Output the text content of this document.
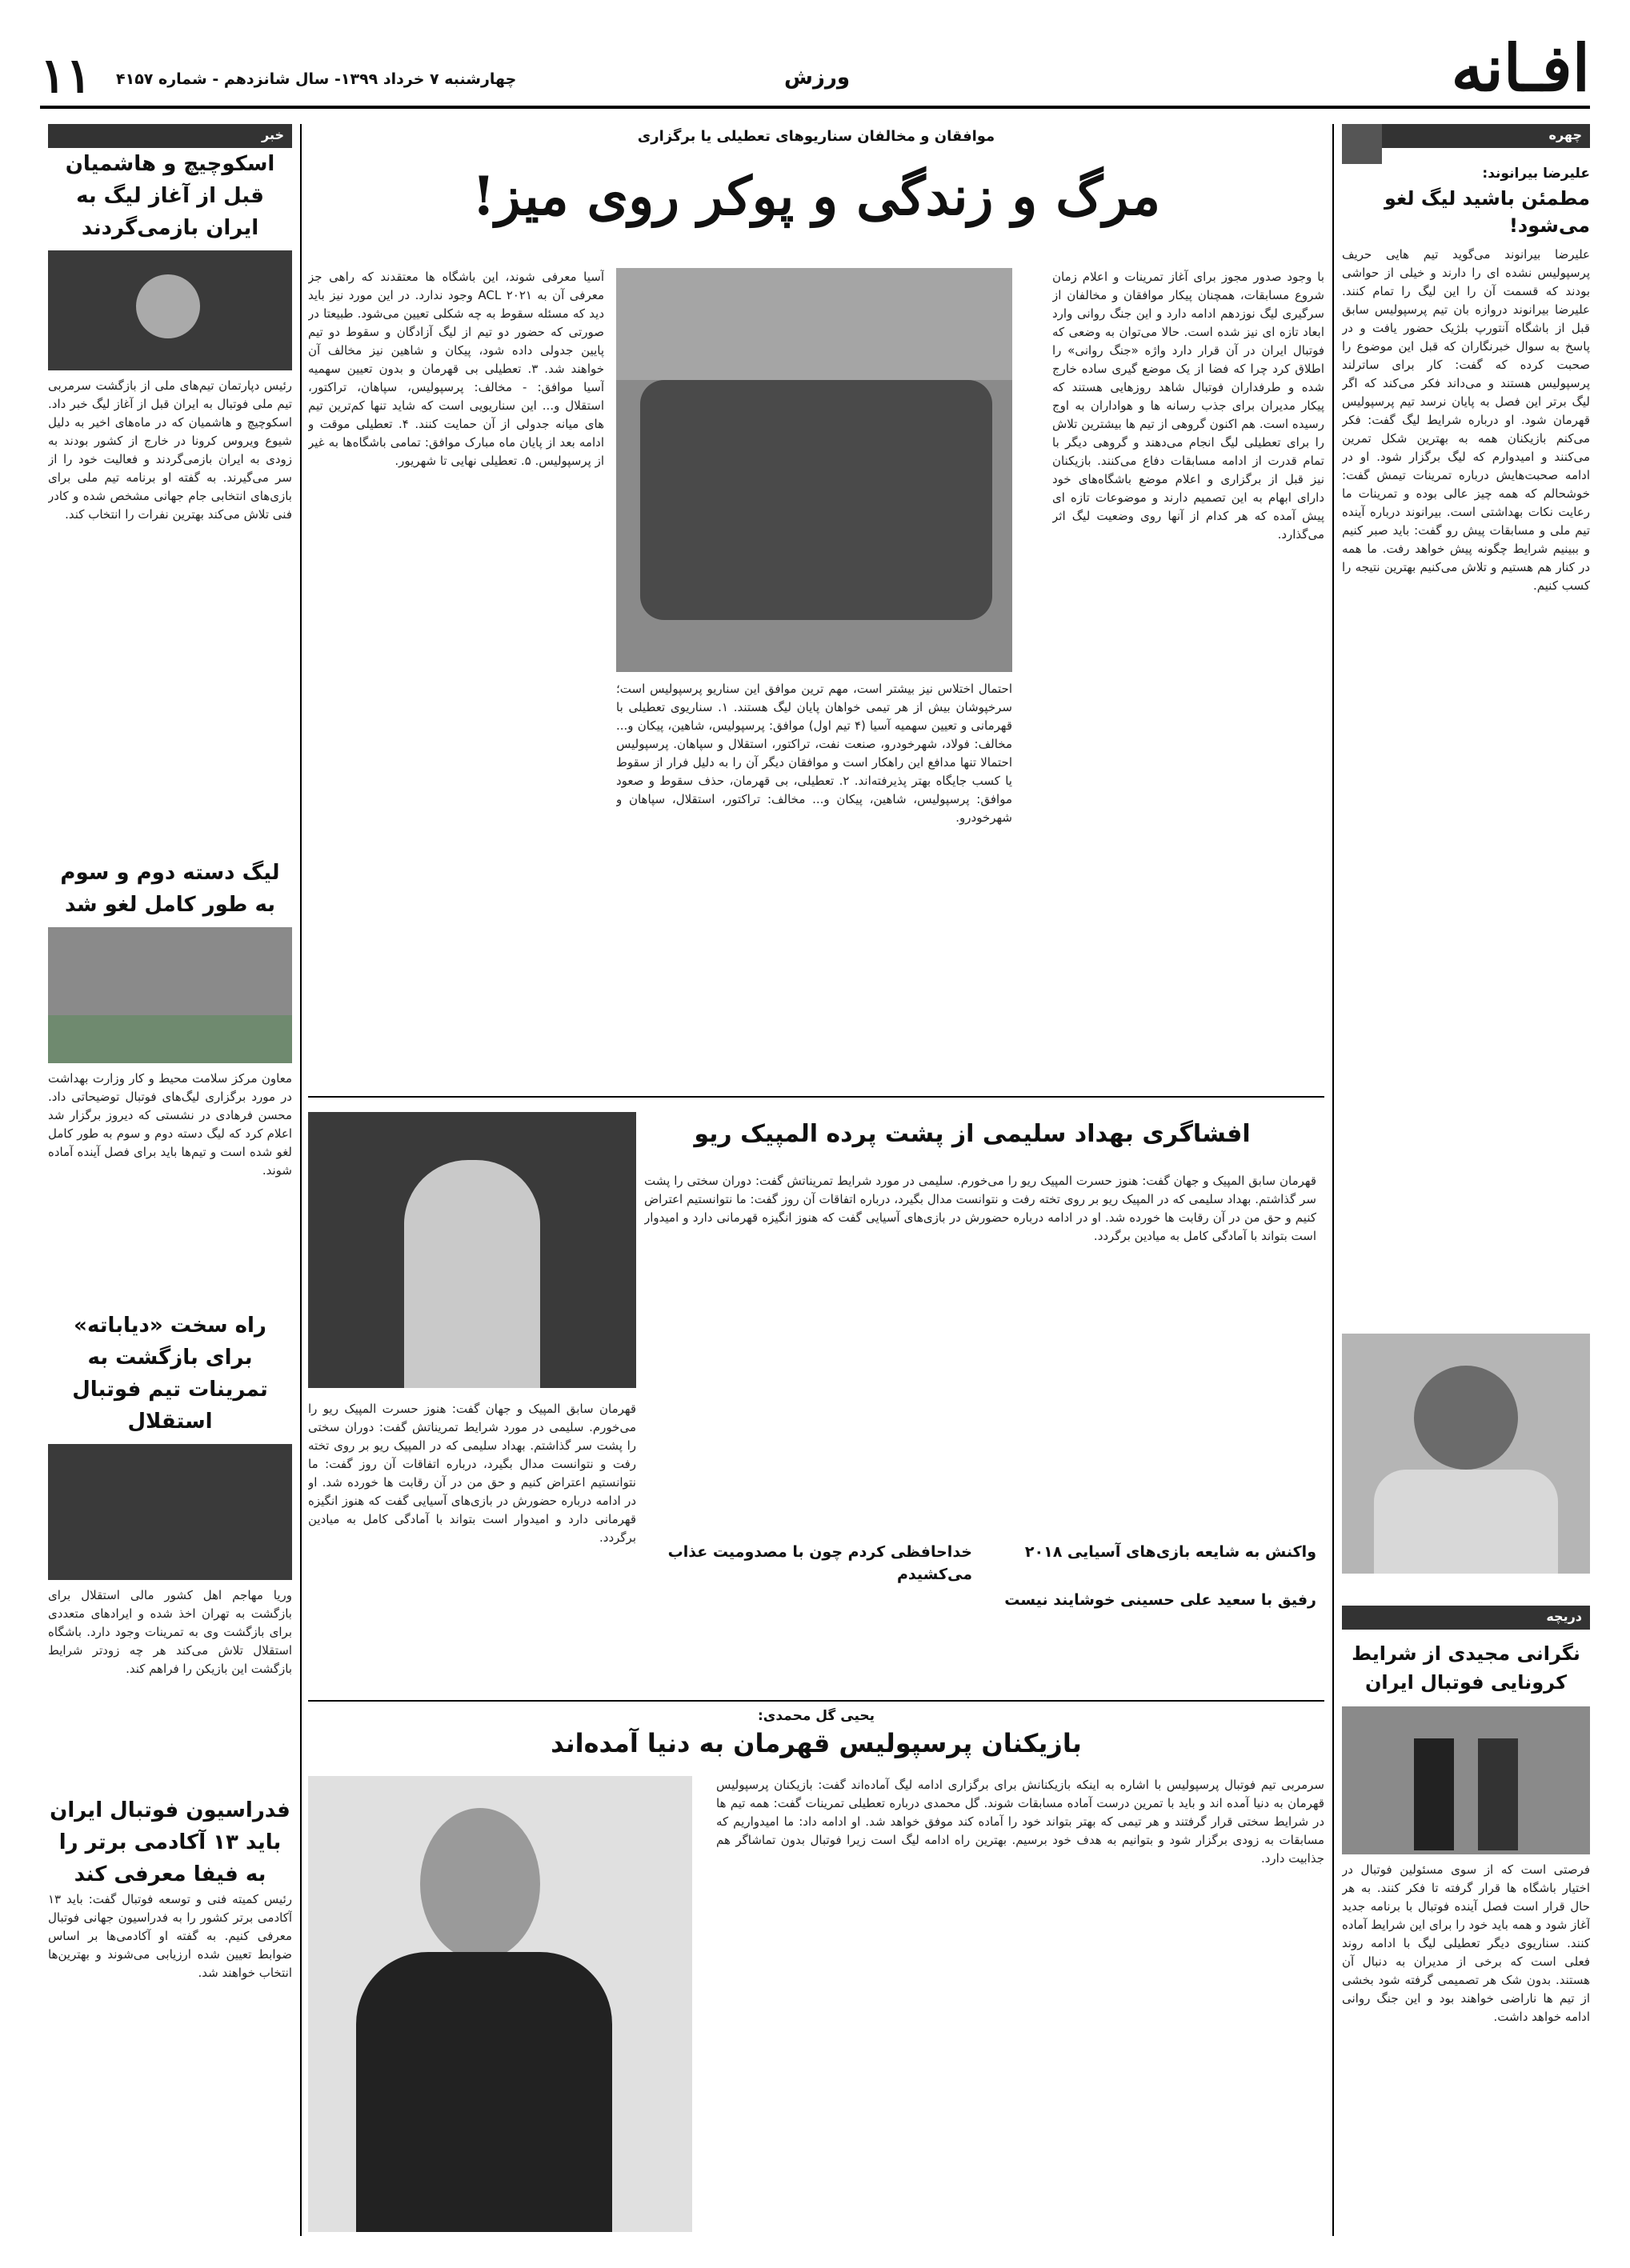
افـانه
ورزش
چهارشنبه ۷ خرداد ۱۳۹۹- سال شانزدهم - شماره ۴۱۵۷
۱۱
چهره
علیرضا بیرانوند:
مطمئن باشید لیگ لغو می‌شود!

علیرضا بیرانوند می‌گوید تیم هایی حریف پرسپولیس نشده ای را دارند و خیلی از حواشی بودند که قسمت آن را این لیگ را تمام کنند. علیرضا بیرانوند دروازه بان تیم پرسپولیس سابق قبل از باشگاه آنتورپ بلژیک حضور یافت و در پاسخ به سوال خبرنگاران که قبل این موضوع را صحبت کرده که گفت: کار برای ساترلند پرسپولیس هستند و می‌داند فکر می‌کند که اگر لیگ برتر این فصل به پایان نرسد تیم پرسپولیس قهرمان شود. او درباره شرایط لیگ گفت: فکر می‌کنم بازیکنان همه به بهترین شکل تمرین می‌کنند و امیدوارم که لیگ برگزار شود. او در ادامه صحبت‌هایش درباره تمرینات تیمش گفت: خوشحالم که همه چیز عالی بوده و تمرینات ما رعایت نکات بهداشتی است. بیرانوند درباره آینده تیم ملی و مسابقات پیش رو گفت: باید صبر کنیم و ببینیم شرایط چگونه پیش خواهد رفت. ما همه در کنار هم هستیم و تلاش می‌کنیم بهترین نتیجه را کسب کنیم.

دریچه
نگرانی مجیدی از شرایط کرونایی فوتبال ایران

فرصتی است که از سوی مسئولین فوتبال در اختیار باشگاه ها قرار گرفته تا فکر کنند. به هر حال قرار است فصل آینده فوتبال با برنامه جدید آغاز شود و همه باید خود را برای این شرایط آماده کنند. سناریوی دیگر تعطیلی لیگ با ادامه روند فعلی است که برخی از مدیران به دنبال آن هستند. بدون شک هر تصمیمی گرفته شود بخشی از تیم ها ناراضی خواهند بود و این جنگ روانی ادامه خواهد داشت.

خبر
اسکوچیچ و هاشمیان قبل از آغاز لیگ به ایران بازمی‌گردند

رئیس دپارتمان تیم‌های ملی از بازگشت سرمربی تیم ملی فوتبال به ایران قبل از آغاز لیگ خبر داد. اسکوچیچ و هاشمیان که در ماه‌های اخیر به دلیل شیوع ویروس کرونا در خارج از کشور بودند به زودی به ایران بازمی‌گردند و فعالیت خود را از سر می‌گیرند. به گفته او برنامه تیم ملی برای بازی‌های انتخابی جام جهانی مشخص شده و کادر فنی تلاش می‌کند بهترین نفرات را انتخاب کند.

لیگ دسته دوم و سوم به طور کامل لغو شد

معاون مرکز سلامت محیط و کار وزارت بهداشت در مورد برگزاری لیگ‌های فوتبال توضیحاتی داد. محسن فرهادی در نشستی که دیروز برگزار شد اعلام کرد که لیگ دسته دوم و سوم به طور کامل لغو شده است و تیم‌ها باید برای فصل آینده آماده شوند.

راه سخت «دیاباته» برای بازگشت به تمرینات تیم فوتبال استقلال

وریا مهاجم اهل کشور مالی استقلال برای بازگشت به تهران اخذ شده و ایرادهای متعددی برای بازگشت وی به تمرینات وجود دارد. باشگاه استقلال تلاش می‌کند هر چه زودتر شرایط بازگشت این بازیکن را فراهم کند.

فدراسیون فوتبال ایران باید ۱۳ آکادمی برتر را به فیفا معرفی کند

رئیس کمیته فنی و توسعه فوتبال گفت: باید ۱۳ آکادمی برتر کشور را به فدراسیون جهانی فوتبال معرفی کنیم. به گفته او آکادمی‌ها بر اساس ضوابط تعیین شده ارزیابی می‌شوند و بهترین‌ها انتخاب خواهند شد.

موافقان و مخالفان سناریوهای تعطیلی یا برگزاری
مرگ و زندگی و پوکر روی میز!

با وجود صدور مجوز برای آغاز تمرینات و اعلام زمان شروع مسابقات، همچنان پیکار موافقان و مخالفان از سرگیری لیگ نوزدهم ادامه دارد و این جنگ روانی وارد ابعاد تازه ای نیز شده است. حالا می‌توان به وضعی که فوتبال ایران در آن قرار دارد واژه «جنگ روانی» را اطلاق کرد چرا که فضا از یک موضع گیری ساده خارج شده و طرفداران فوتبال شاهد روزهایی هستند که پیکار مدیران برای جذب رسانه ها و هواداران به اوج رسیده است. هم اکنون گروهی از تیم ها بیشترین تلاش را برای تعطیلی لیگ انجام می‌دهند و گروهی دیگر با تمام قدرت از ادامه مسابقات دفاع می‌کنند. بازیکنان نیز قبل از برگزاری و اعلام موضع باشگاه‌های خود دارای ابهام به این تصمیم دارند و موضوعات تازه ای پیش آمده که هر کدام از آنها روی وضعیت لیگ اثر می‌گذارد.

احتمال اختلاس نیز بیشتر است، مهم ترین موافق این سناریو پرسپولیس است؛ سرخپوشان بیش از هر تیمی خواهان پایان لیگ هستند. ۱. سناریوی تعطیلی با قهرمانی و تعیین سهمیه آسیا (۴ تیم اول) موافق: پرسپولیس، شاهین، پیکان و... مخالف: فولاد، شهرخودرو، صنعت نفت، تراکتور، استقلال و سپاهان. پرسپولیس احتمالا تنها مدافع این راهکار است و موافقان دیگر آن را به دلیل فرار از سقوط یا کسب جایگاه بهتر پذیرفته‌اند. ۲. تعطیلی، بی قهرمان، حذف سقوط و صعود موافق: پرسپولیس، شاهین، پیکان و... مخالف: تراکتور، استقلال، سپاهان و شهرخودرو.

آسیا معرفی شوند، این باشگاه ها معتقدند که راهی جز معرفی آن به ACL ۲۰۲۱ وجود ندارد. در این مورد نیز باید دید که مسئله سقوط به چه شکلی تعیین می‌شود. طبیعتا در صورتی که حضور دو تیم از لیگ آزادگان و سقوط دو تیم پایین جدولی داده شود، پیکان و شاهین نیز مخالف آن خواهند شد. ۳. تعطیلی بی قهرمان و بدون تعیین سهمیه آسیا موافق: - مخالف: پرسپولیس، سپاهان، تراکتور، استقلال و... این سناریویی است که شاید تنها کم‌ترین تیم های میانه جدولی از آن حمایت کنند. ۴. تعطیلی موقت و ادامه بعد از پایان ماه مبارک موافق: تمامی باشگاه‌ها به غیر از پرسپولیس. ۵. تعطیلی نهایی تا شهریور.

افشاگری بهداد سلیمی از پشت پرده المپیک ریو

قهرمان سابق المپیک و جهان گفت: هنوز حسرت المپیک ریو را می‌خورم. سلیمی در مورد شرایط تمریناتش گفت: دوران سختی را پشت سر گذاشتم. بهداد سلیمی که در المپیک ریو بر روی تخته رفت و نتوانست مدال بگیرد، درباره اتفاقات آن روز گفت: ما نتوانستیم اعتراض کنیم و حق من در آن رقابت ها خورده شد. او در ادامه درباره حضورش در بازی‌های آسیایی گفت که هنوز انگیزه قهرمانی دارد و امیدوار است بتواند با آمادگی کامل به میادین برگردد.

واکنش به شایعه بازی‌های آسیایی ۲۰۱۸
خداحافظی کردم چون با مصدومیت عذاب می‌کشیدم
رفیق با سعید علی حسینی خوشایند نیست

قهرمان سابق المپیک و جهان گفت: هنوز حسرت المپیک ریو را می‌خورم. سلیمی در مورد شرایط تمریناتش گفت: دوران سختی را پشت سر گذاشتم. بهداد سلیمی که در المپیک ریو بر روی تخته رفت و نتوانست مدال بگیرد، درباره اتفاقات آن روز گفت: ما نتوانستیم اعتراض کنیم و حق من در آن رقابت ها خورده شد. او در ادامه درباره حضورش در بازی‌های آسیایی گفت که هنوز انگیزه قهرمانی دارد و امیدوار است بتواند با آمادگی کامل به میادین برگردد.

یحیی گل محمدی:
بازیکنان پرسپولیس قهرمان به دنیا آمده‌اند

سرمربی تیم فوتبال پرسپولیس با اشاره به اینکه بازیکنانش برای برگزاری ادامه لیگ آماده‌اند گفت: بازیکنان پرسپولیس قهرمان به دنیا آمده اند و باید با تمرین درست آماده مسابقات شوند. گل محمدی درباره تعطیلی تمرینات گفت: همه تیم ها در شرایط سختی قرار گرفتند و هر تیمی که بهتر بتواند خود را آماده کند موفق خواهد شد. او ادامه داد: ما امیدواریم که مسابقات به زودی برگزار شود و بتوانیم به هدف خود برسیم. بهترین راه ادامه لیگ است زیرا فوتبال بدون تماشاگر هم جذابیت دارد.
